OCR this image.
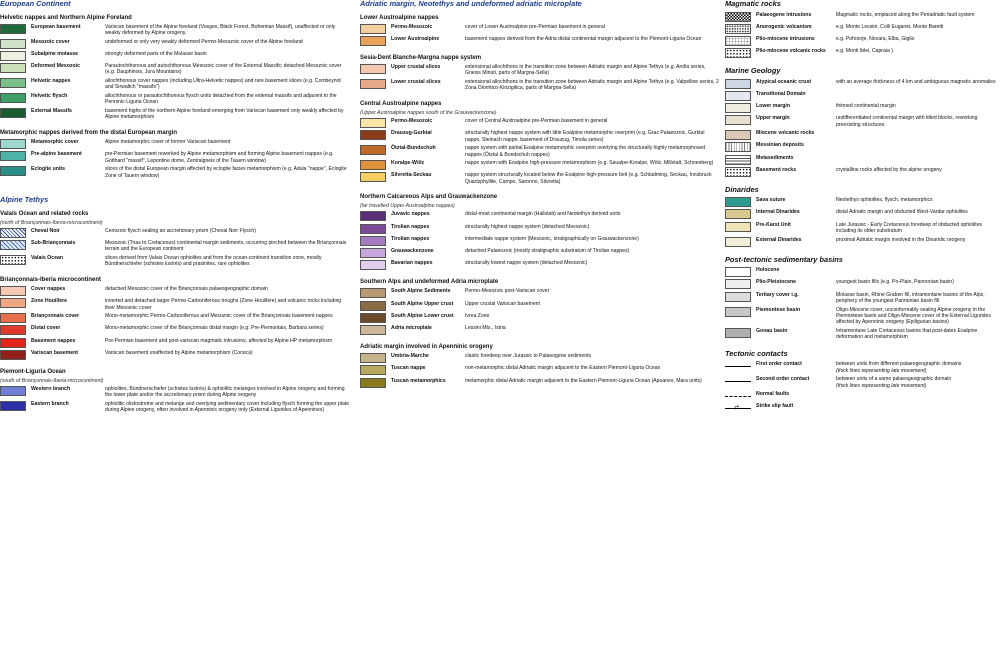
European Continent
Helvetic nappes and Northern Alpine Foreland
European basement	Variscan basement of the Alpine foreland (Vosges, Black Forest, Bohemian Massif), unaffected or only weakly deformed by Alpine orogeny.
Mesozoic cover	undeformed or only very weakly deformed Permo-Mesozoic cover of the Alpine foreland
Subalpine molasse	strongly deformed parts of the Molasse basin
Deformed Mesozoic	Parautochthonous and autochthonous Mesozoic cover of the External Massifs; detached Mesozoic cover (e.g. Dauphinois, Jura Mountains)
Helvetic nappes	allochthonous cover nappes (including Ultra-Helvetic nappes) and rare basement slices (e.g. Combeynot and Sirwaltch "massifs")
Helvetic flysch	allochthonous or parautochthonous flysch units detached from the external massifs and adjacent to the Penninic-Liguria Ocean
External Massifs	basement highs of the northern Alpine foreland emerging from Variscan basement only weakly affected by Alpine metamorphism
Metamorphic nappes derived from the distal European margin
Metamorphic cover	Alpine metamorphic cover of former Variscan basement
Pre-alpine basement	pre-Permian basement reworked by Alpine metamorphism and forming Alpine basement nappes (e.g. Gotthard "massif", Lepontine dome, Zentralgneis of the Tauern window)
Eclogite units	slices of the distal European margin affected by eclogite facies metamorphism (e.g. Adula "nappe", Eclogite Zone of Tauern window)
Alpine Tethys
Valais Ocean and related rocks
(north of Briançonnais-Iberia-microcontinent)
Cheval Noir	Cenozoic flysch sealing an accretionary prism (Cheval Noir Flysch)
Sub-Briançonnais	Mesozoic (Trias to Cretaceous) continental margin sediments, occurring pinched between the Briançonnais terrain and the European continent
Valais Ocean	slices derived from Valais Ocean ophiolites and from the ocean-continent transition zone, mostly Bündnerschiefer (schistes lustrés) and prasinites, rare ophiolites
Briançonnais-Iberia microcontinent
Cover nappes	detached Mesozoic cover of the Briançonnais palaeogeographic domain
Zone Houillère	inverted and detached larger Permo-Carboniferous troughs (Zone Houillère) and volcanic rocks including their Mesozoic cover
Briançonnais cover	Mono-metamorphic Permo-Carboniferous and Mesozoic cover of the Briançonnais basement nappes
Distal cover	Mono-metamorphic cover of the Briançonnais distal margin (e.g. Pre-Piemontais, Barbara series)
Basement nappes	Pre-Permian basement and post-variscan magmatic intrusions, affected by Alpine HP metamorphism
Variscan basement	Variscan basement unaffected by Alpine metamorphism (Corsica)
Piemont-Liguria Ocean
(south of Briançonnais-Iberia-microcontinent)
Western branch	ophiolites, Bündnerschiefer (schistes lustrés) & ophiolitic melanges involved in Alpine orogeny and forming the lower plate and/or the accretionary prism during Alpine orogeny
Eastern branch	ophiolitic olistostrome and melange and overlying sedimentary cover including flysch forming the upper plate during Alpine orogeny, often involved in Apenninic orogeny only (External Ligurides of Apennines)
Adriatic margin, Neotethys and undeformed adriatic microplate
Lower Austroalpine nappes
Permo-Mesozoic	cover of Lower Austroalpine pre-Permian basement in general
Lower Austroalpine	basement nappes derived from the Adria distal continental margin adjacent to the Piemont-Liguria Ocean
Sesia-Dent Blanche-Margna nappe system
Upper crustal slices	extensional allochthons in the transition zone between Adriatic margin and Alpine Tethys (e.g. Arolla series, Gneiss Minuti, parts of Margna-Sella)
Lower crustal slices	extensional allochthons in the transition zone between Adriatic margin and Alpine Tethys (e.g. Valpelline series, 2 Zona Diorritico-Kinzigitica, parts of Margna-Sella)
Central Austroalpine nappes
(Upper Austroalpine nappes south of the Grauwackenzone)
Permo-Mesozoic	cover of Central Austroalpine pre-Permian basement in general
Drauzug-Gurktal	structurally highest nappe system with little Eoalpine metamorphic overprint (e.g. Graz Palaeozoic, Gurktal nappe, Steinach nappe, basement of Drauzug, Timola series)
Ötztal-Bundschuh	nappe system with partial Eoalpine metamorphic overprint overlying the structurally highly metamorphosed nappes (Ötztal & Bundschuh nappes)
Koralpe-Wölz	nappe system with Eoalpine high-pressure metamorphism (e.g. Saualpe-Koralpe, Wölz, Millstatt, Schneeberg)
Silvretta-Seckau	nappe system structurally located below the Eoalpine high-pressure belt (e.g. Schladming, Seckau, Innsbruck Quartzphyllite, Campo, Saronno, Silvretta)
Northern Calcareous Alps and Grauwackenzone
(far travelled Upper Austroalpine nappes)
Juvavic nappes	distal-most continental margin (Hallstatt) and Neotethys derived units
Tirolian nappes	structurally highest nappe system (detached Mesozoic)
Tirolian nappes	intermediate nappe system (Mesozoic, stratigraphically on Grauwackenzone)
Grauwackenzone	detached Palaeozoic (mostly stratigraphic substratum of Tirolian nappes)
Bavarian nappes	structurally lowest nappe system (detached Mesozoic)
Southern Alps and undeformed Adria microplate
South Alpine Sediments	Permo-Mesozoic post-Variscan cover
South Alpine Upper crust	Upper crustal Variscan basement
South Alpine Lower crust	Ivrea Zone
Adria microplate	Lessini Mts., Istria
Adriatic margin involved in Apenninic orogeny
Umbria-Marche	clastic foredeep over Jurassic to Palaeogene sediments
Tuscan nappe	non-metamorphic distal Adriatic margin adjacent to the Eastern Piemont-Liguria Ocean
Tuscan metamorphics	metamorphic distal Adriatic margin adjacent to the Eastern Piemont-Liguria Ocean (Apuanes, Mara units)
Magmatic rocks
Palaeogene intrusions	Magmatic rocks, emplaced along the Periadriatic fault system
Anorogenic volcanism	e.g. Monte Lessini, Colli Euganei, Monte Baretti
Plio-miocene intrusions	e.g. Pohoorje, Novara, Elba, Giglio
Plio-miocene volcanic rocks	e.g. Monti Iblei, Capraia )
Marine Geology
Atypical oceanic crust	with an average thickness of 4 km and ambiguous magnetic anomalies
Transitional Domain
Lower margin	thinned continental margin
Upper margin	undifferentiated continental margin with tilted blocks, reworking preexisting structures
Miocene volcanic rocks
Messinian deposits
Metasediments
Basement rocks	crystalline rocks affected by the alpine orogeny
Dinarides
Sava suture	Neotethys ophiolites, flysch, metamorphics
Internal Dinarides	distal Adriatic margin and obducted West-Vardar ophiolites
Pre-Karst Unit	Late Jurassic - Early Cretaceous foredeep of obducted ophiolites including its older substratum
External Dinarides	proximal Adriatic margin involved in the Dinaridic orogeny
Post-tectonic sedimentary basins
Holocene
Plio-Pleistocene	youngest basin fills (e.g. Po-Plain, Pannonian basin)
Tertiary cover i.g.	Molasse basin, Rhine Graben fill, intramontane basins of the Alps, periphery of the youngest Pannonian basin fill
Piemontese basin	Oligo-Miocene cover, unconformably sealing Alpine orogeny in the Piemontese basin and Oligo-Miocene cover of the External Ligurides affected by Apenninic orogeny (Epiligurian basins)
Gonau basin	Intramontane Late Cretaceous basins that post-dates Eoalpine deformation and metamorphism
Tectonic contacts
First order contact	between units from different palaeogeographic domains
(thick lines representing late movement)
Second order contact	between units of a same palaeogeographic domain
(thick lines representing late movement)
Normal faults
⇄	Strike slip fault
